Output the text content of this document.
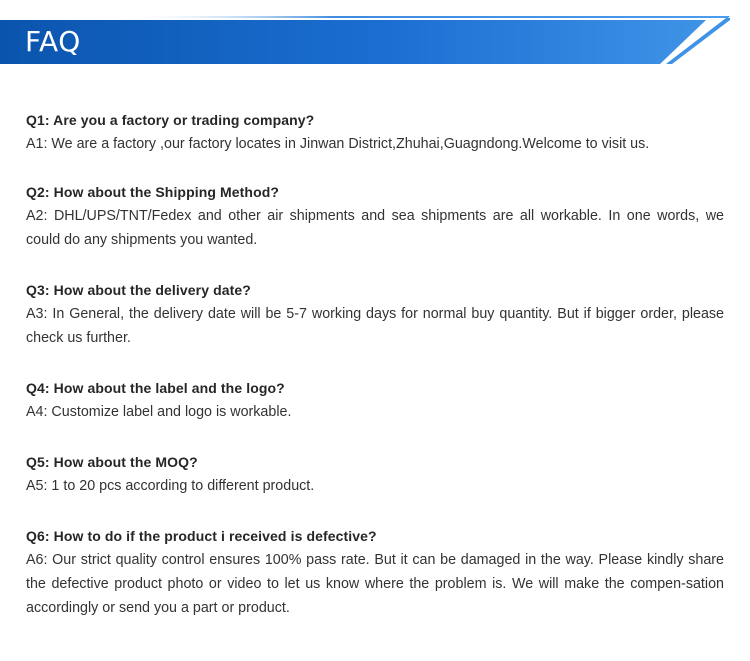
FAQ
Q1: Are you a factory or trading company?
A1: We are a factory ,our factory locates in Jinwan District,Zhuhai,Guagndong.Welcome to visit us.
Q2: How about the Shipping Method?
A2: DHL/UPS/TNT/Fedex and other air shipments and sea shipments are all workable. In one words, we could do any shipments you wanted.
Q3: How about the delivery date?
A3: In General, the delivery date will be 5-7 working days for normal buy quantity. But if bigger order, please check us further.
Q4: How about the label and the logo?
A4: Customize label and logo is workable.
Q5: How about the MOQ?
A5: 1 to 20 pcs according to different product.
Q6: How to do if the product i received is defective?
A6: Our strict quality control ensures 100% pass rate. But it can be damaged in the way. Please kindly share the defective product photo or video to let us know where the problem is. We will make the compen-sation accordingly or send you a part or product.
